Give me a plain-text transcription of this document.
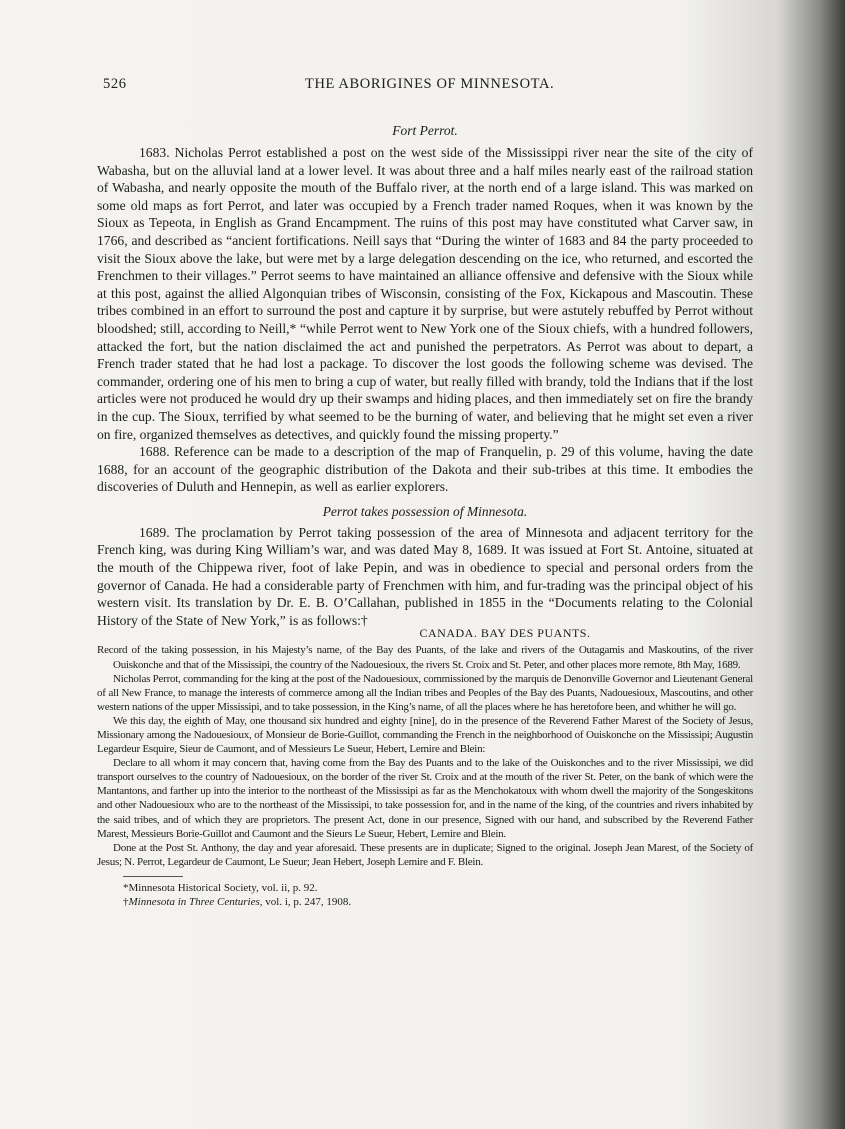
526	THE ABORIGINES OF MINNESOTA.
Fort Perrot.

1683. Nicholas Perrot established a post on the west side of the Mississippi river near the site of the city of Wabasha, but on the alluvial land at a lower level. It was about three and a half miles nearly east of the railroad station of Wabasha, and nearly opposite the mouth of the Buffalo river, at the north end of a large island. This was marked on some old maps as fort Perrot, and later was occupied by a French trader named Roques, when it was known by the Sioux as Tepeota, in English as Grand Encampment. The ruins of this post may have constituted what Carver saw, in 1766, and described as “ancient fortifications. Neill says that “During the winter of 1683 and 84 the party proceeded to visit the Sioux above the lake, but were met by a large delegation descending on the ice, who returned, and escorted the Frenchmen to their villages.” Perrot seems to have maintained an alliance offensive and defensive with the Sioux while at this post, against the allied Algonquian tribes of Wisconsin, consisting of the Fox, Kickapous and Mascoutin. These tribes combined in an effort to surround the post and capture it by surprise, but were astutely rebuffed by Perrot without bloodshed; still, according to Neill,* “while Perrot went to New York one of the Sioux chiefs, with a hundred followers, attacked the fort, but the nation disclaimed the act and punished the perpetrators. As Perrot was about to depart, a French trader stated that he had lost a package. To discover the lost goods the following scheme was devised. The commander, ordering one of his men to bring a cup of water, but really filled with brandy, told the Indians that if the lost articles were not produced he would dry up their swamps and hiding places, and then immediately set on fire the brandy in the cup. The Sioux, terrified by what seemed to be the burning of water, and believing that he might set even a river on fire, organized themselves as detectives, and quickly found the missing property.”

1688. Reference can be made to a description of the map of Franquelin, p. 29 of this volume, having the date 1688, for an account of the geographic distribution of the Dakota and their sub-tribes at this time. It embodies the discoveries of Duluth and Hennepin, as well as earlier explorers.

Perrot takes possession of Minnesota.

1689. The proclamation by Perrot taking possession of the area of Minnesota and adjacent territory for the French king, was during King William’s war, and was dated May 8, 1689. It was issued at Fort St. Antoine, situated at the mouth of the Chippewa river, foot of lake Pepin, and was in obedience to special and personal orders from the governor of Canada. He had a considerable party of Frenchmen with him, and fur-trading was the principal object of his western visit. Its translation by Dr. E. B. O’Callahan, published in 1855 in the “Documents relating to the Colonial History of the State of New York,” is as follows:†

CANADA. BAY DES PUANTS.

Record of the taking possession, in his Majesty’s name, of the Bay des Puants, of the lake and rivers of the Outagamis and Maskoutins, of the river Ouiskonche and that of the Mississipi, the country of the Nadouesioux, the rivers St. Croix and St. Peter, and other places more remote, 8th May, 1689.

Nicholas Perrot, commanding for the king at the post of the Nadouesioux, commissioned by the marquis de Denonville Governor and Lieutenant General of all New France, to manage the interests of commerce among all the Indian tribes and Peoples of the Bay des Puants, Nadouesioux, Mascoutins, and other western nations of the upper Mississipi, and to take possession, in the King’s name, of all the places where he has heretofore been, and whither he will go.

We this day, the eighth of May, one thousand six hundred and eighty [nine], do in the presence of the Reverend Father Marest of the Society of Jesus, Missionary among the Nadouesioux, of Monsieur de Borie-Guillot, commanding the French in the neighborhood of Ouiskonche on the Mississipi; Augustin Legardeur Esquire, Sieur de Caumont, and of Messieurs Le Sueur, Hebert, Lemire and Blein:

Declare to all whom it may concern that, having come from the Bay des Puants and to the lake of the Ouiskonches and to the river Mississipi, we did transport ourselves to the country of Nadouesioux, on the border of the river St. Croix and at the mouth of the river St. Peter, on the bank of which were the Mantantons, and farther up into the interior to the northeast of the Mississipi as far as the Menchokatoux with whom dwell the majority of the Songeskitons and other Nadouesioux who are to the northeast of the Mississipi, to take possession for, and in the name of the king, of the countries and rivers inhabited by the said tribes, and of which they are proprietors. The present Act, done in our presence, Signed with our hand, and subscribed by the Reverend Father Marest, Messieurs Borie-Guillot and Caumont and the Sieurs Le Sueur, Hebert, Lemire and Blein.

Done at the Post St. Anthony, the day and year aforesaid. These presents are in duplicate; Signed to the original. Joseph Jean Marest, of the Society of Jesus; N. Perrot, Legardeur de Caumont, Le Sueur; Jean Hebert, Joseph Lemire and F. Blein.

*Minnesota Historical Society, vol. ii, p. 92.
†Minnesota in Three Centuries, vol. i, p. 247, 1908.
